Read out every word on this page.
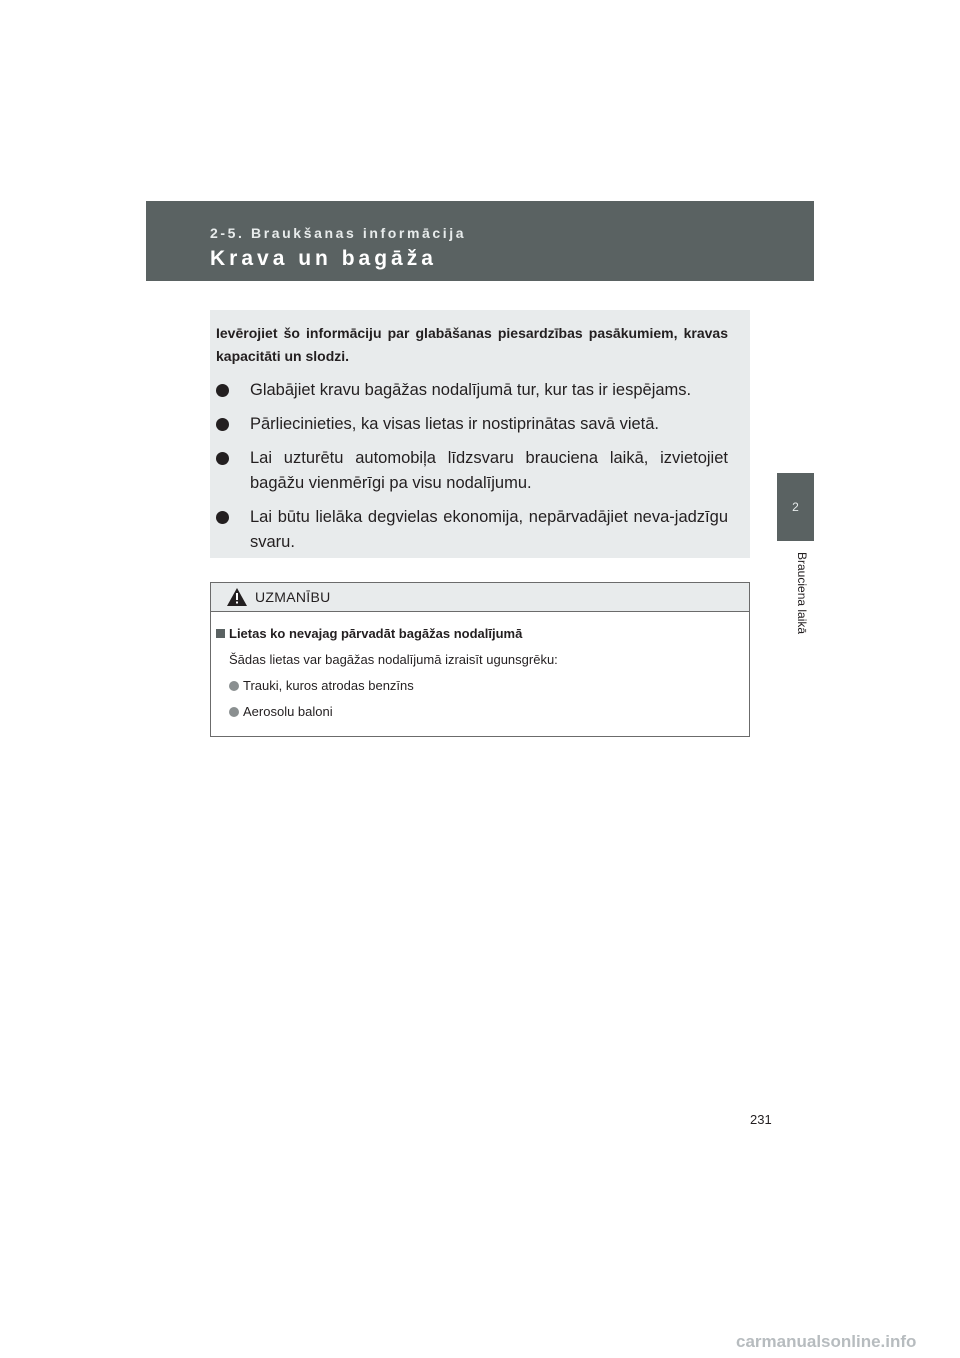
2-5. Braukšanas informācija
Krava un bagāža

Ievērojiet šo informāciju par glabāšanas piesardzības pasākumiem, kravas kapacitāti un slodzi.

Glabājiet kravu bagāžas nodalījumā tur, kur tas ir iespējams.

Pārliecinieties, ka visas lietas ir nostiprinātas savā vietā.

Lai uzturētu automobiļa līdzsvaru brauciena laikā, izvietojiet bagāžu vienmērīgi pa visu nodalījumu.

Lai būtu lielāka degvielas ekonomija, nepārvadājiet neva-jadzīgu svaru.

2
Brauciena laikā
UZMANĪBU

Lietas ko nevajag pārvadāt bagāžas nodalījumā

Šādas lietas var bagāžas nodalījumā izraisīt ugunsgrēku:

Trauki, kuros atrodas benzīns

Aerosolu baloni

231
carmanualsonline.info
